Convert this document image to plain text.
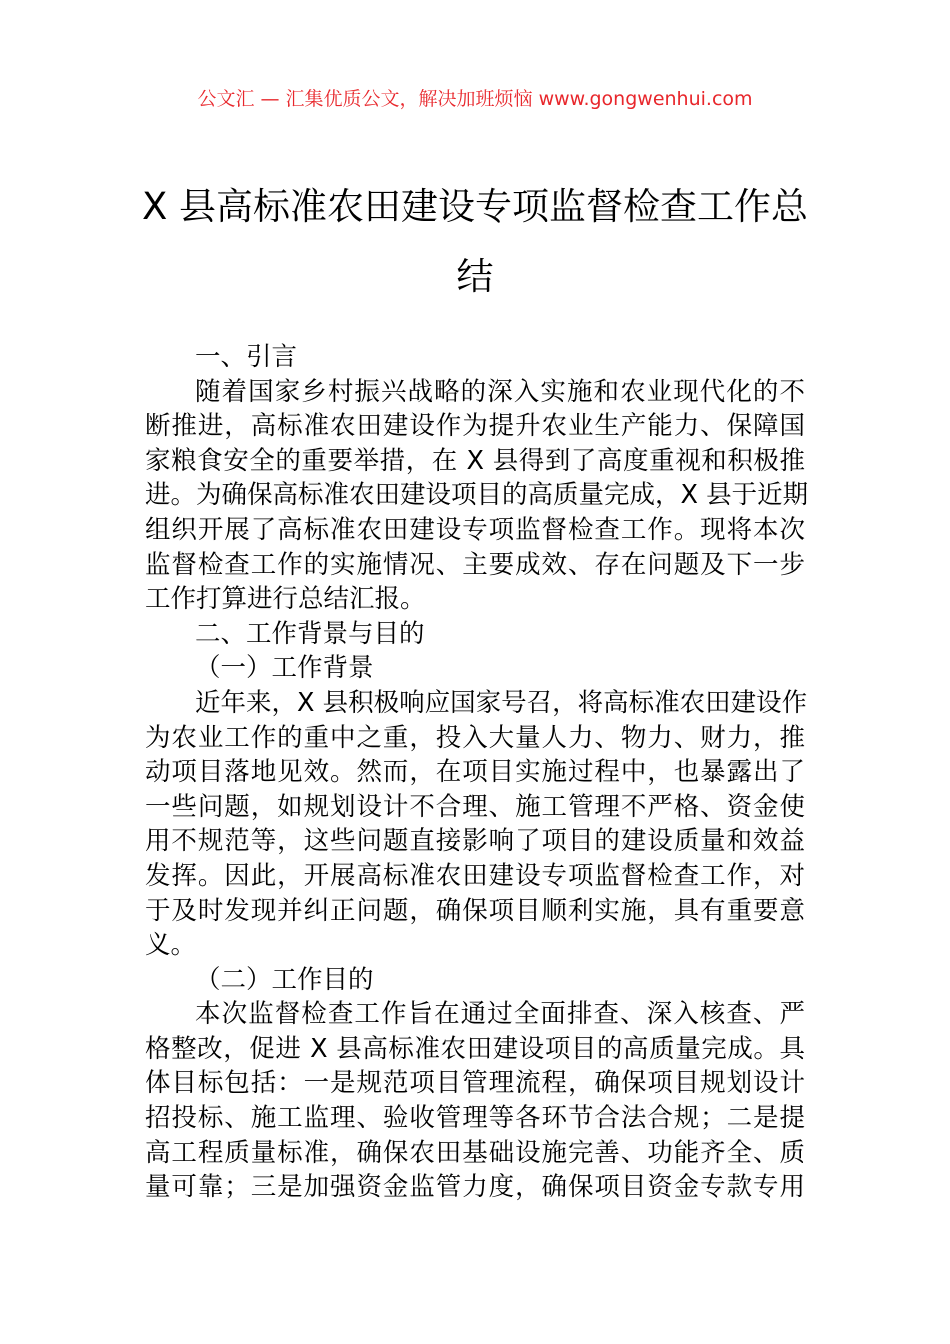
公文汇 — 汇集优质公文，解决加班烦恼 www.gongwenhui.com
X 县高标准农田建设专项监督检查工作总
结
一、引言
随着国家乡村振兴战略的深入实施和农业现代化的不
断推进，高标准农田建设作为提升农业生产能力、保障国
家粮食安全的重要举措，在 X 县得到了高度重视和积极推
进。为确保高标准农田建设项目的高质量完成，X 县于近期
组织开展了高标准农田建设专项监督检查工作。现将本次
监督检查工作的实施情况、主要成效、存在问题及下一步
工作打算进行总结汇报。
二、工作背景与目的
（一）工作背景
近年来，X 县积极响应国家号召，将高标准农田建设作
为农业工作的重中之重，投入大量人力、物力、财力，推
动项目落地见效。然而，在项目实施过程中，也暴露出了
一些问题，如规划设计不合理、施工管理不严格、资金使
用不规范等，这些问题直接影响了项目的建设质量和效益
发挥。因此，开展高标准农田建设专项监督检查工作，对
于及时发现并纠正问题，确保项目顺利实施，具有重要意
义。
（二）工作目的
本次监督检查工作旨在通过全面排查、深入核查、严
格整改，促进 X 县高标准农田建设项目的高质量完成。具
体目标包括：一是规范项目管理流程，确保项目规划设计
招投标、施工监理、验收管理等各环节合法合规；二是提
高工程质量标准，确保农田基础设施完善、功能齐全、质
量可靠；三是加强资金监管力度，确保项目资金专款专用
